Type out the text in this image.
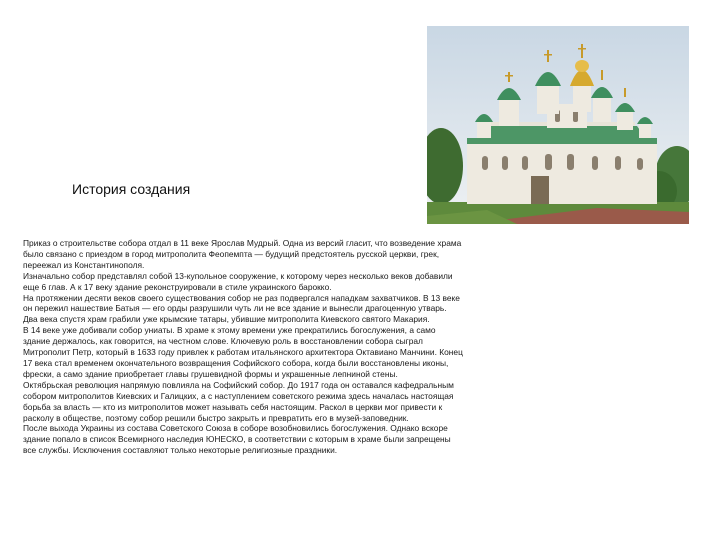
История создания

Приказ о строительстве собора отдал в 11 веке Ярослав Мудрый. Одна из версий гласит, что возведение храма было связано с приездом в город митрополита Феопемпта — будущий предстоятель русской церкви, грек, переежал из Константинополя.

Изначально собор представлял собой 13-купольное сооружение, к которому через несколько веков добавили еще 6 глав. А к 17 веку здание реконструировали в стиле украинского барокко.

На протяжении десяти веков своего существования собор не раз подвергался нападкам захватчиков. В 13 веке он пережил нашествие Батыя — его орды разрушили чуть ли не все здание и вынесли драгоценную утварь. Два века спустя храм грабили уже крымские татары, убившие митрополита Киевского святого Макария.

В 14 веке уже добивали собор униаты. В храме к этому времени уже прекратились богослужения, а само здание держалось, как говорится, на честном слове. Ключевую роль в восстановлении собора сыграл Митрополит Петр, который в 1633 году привлек к работам итальянского архитектора Октавиано Манчини. Конец 17 века стал временем окончательного возвращения Софийского собора, когда были восстановлены иконы, фрески, а само здание приобретает главы грушевидной формы и украшенные лепниной стены.

Октябрьская революция напрямую повлияла на Софийский собор. До 1917 года он оставался кафедральным собором митрополитов Киевских и Галицких, а с наступлением советского режима здесь началась настоящая борьба за власть — кто из митрополитов может называть себя настоящим. Раскол в церкви мог привести к расколу в обществе, поэтому собор решили быстро закрыть и превратить его в музей-заповедник.

После выхода Украины из состава Советского Союза в соборе возобновились богослужения. Однако вскоре здание попало в список Всемирного наследия ЮНЕСКО, в соответствии с которым в храме были запрещены все службы. Исключения составляют только некоторые религиозные праздники.
